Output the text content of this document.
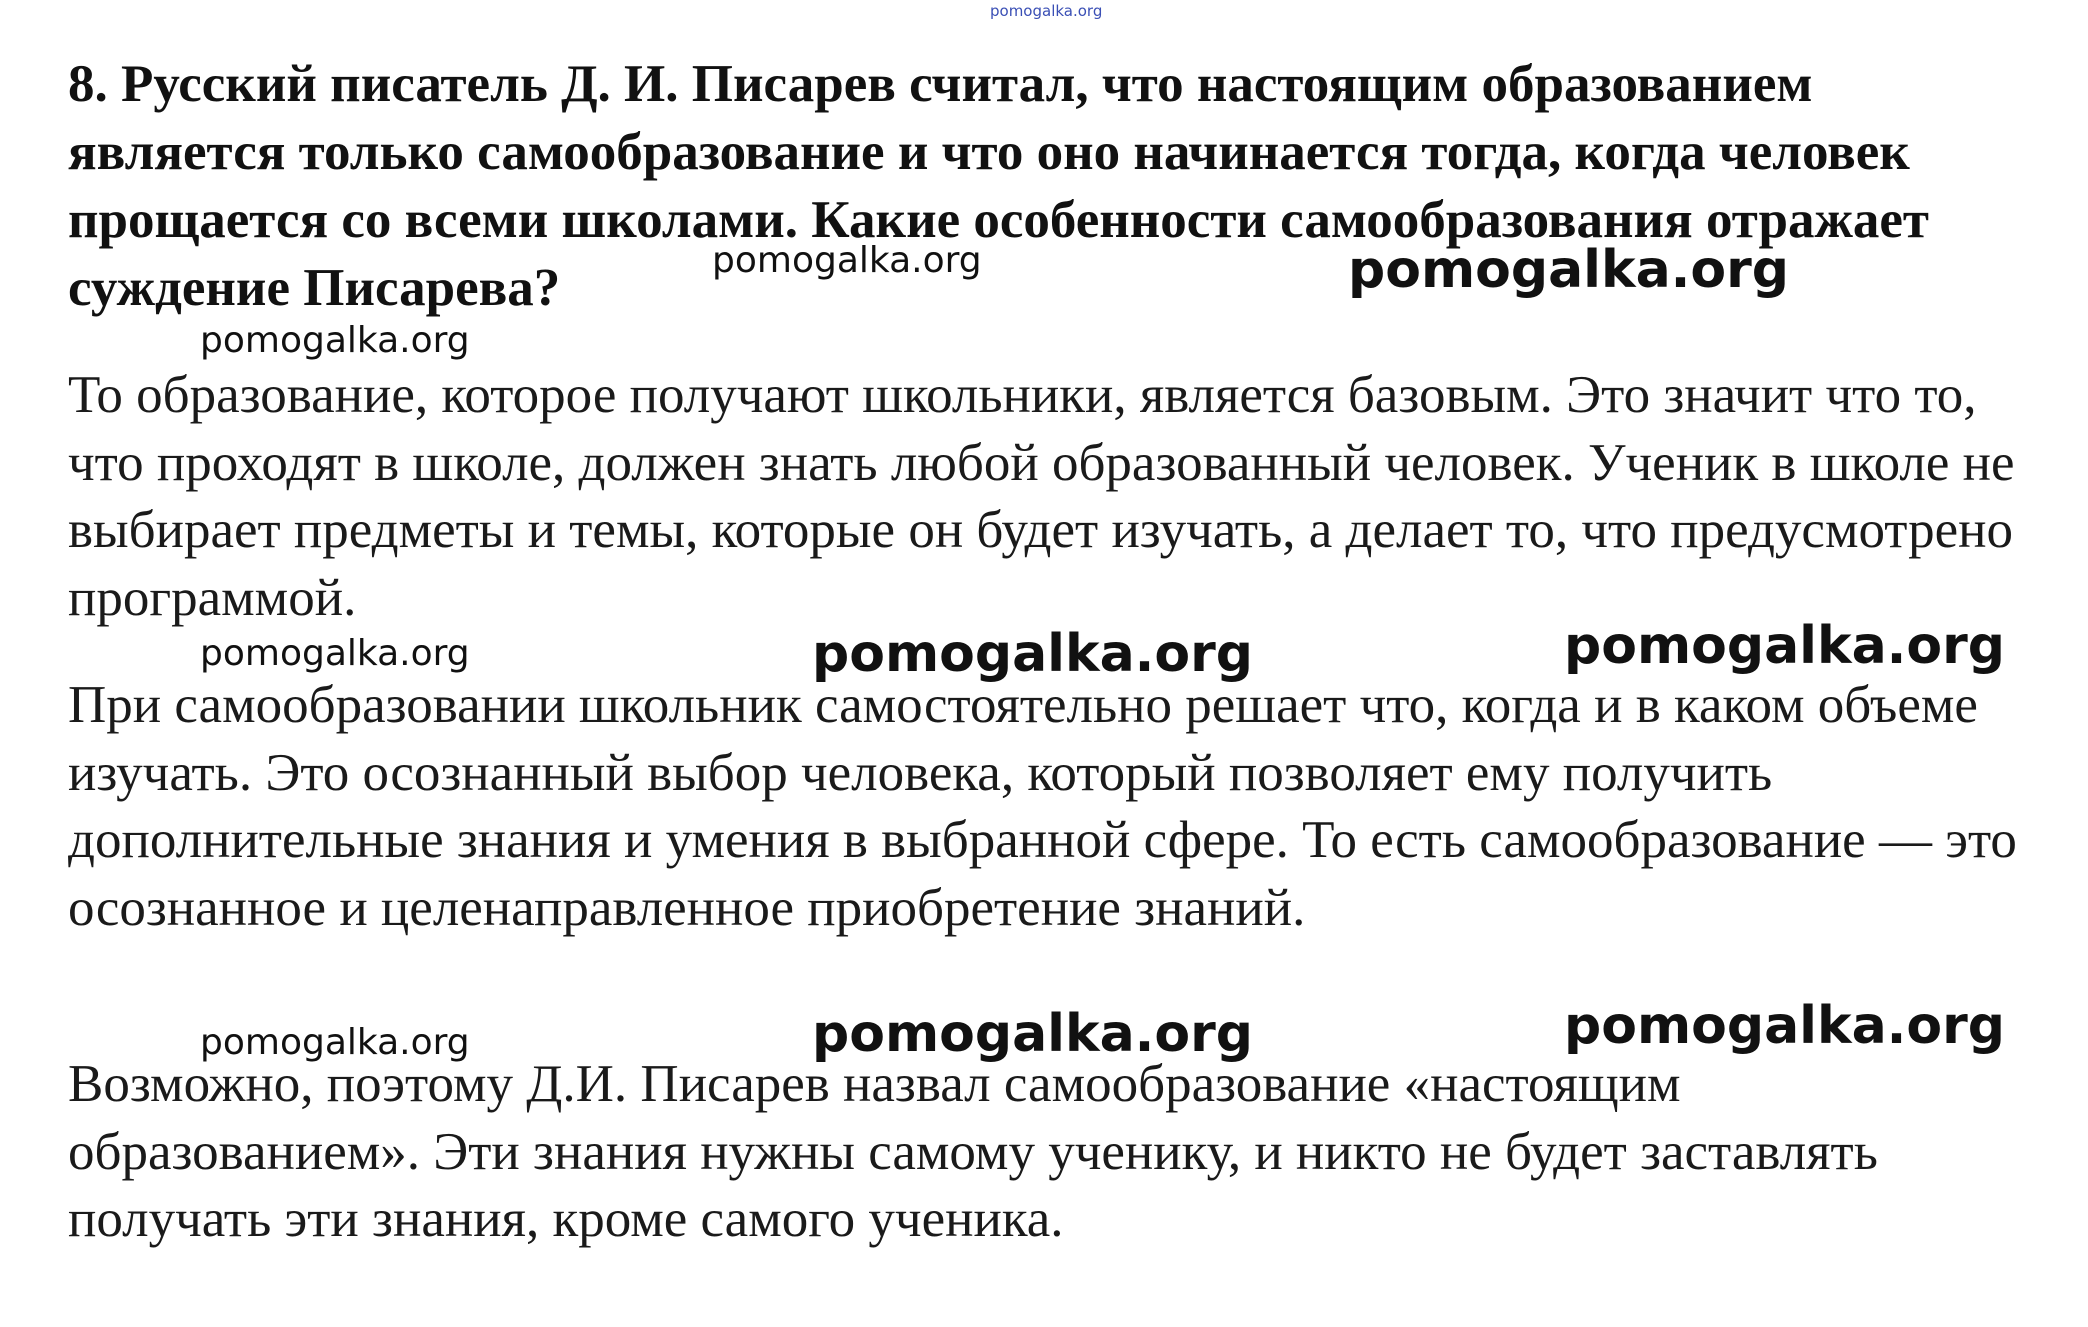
8. Русский писатель Д. И. Писарев считал, что настоящим образованием является только самообразование и что оно начинается тогда, когда человек прощается со всеми школами. Какие особенности самообразования отражает суждение Писарева?

То образование, которое получают школьники, является базовым. Это значит что то, что проходят в школе, должен знать любой образованный человек. Ученик в школе не выбирает предметы и темы, которые он будет изучать, а делает то, что предусмотрено программой.

При самообразовании школьник самостоятельно решает что, когда и в каком объеме изучать. Это осознанный выбор человека, который позволяет ему получить дополнительные знания и умения в выбранной сфере. То есть самообразование — это осознанное и целенаправленное приобретение знаний.

Возможно, поэтому Д.И. Писарев назвал самообразование «настоящим образованием». Эти знания нужны самому ученику, и никто не будет заставлять получать эти знания, кроме самого ученика.

pomogalka.org
pomogalka.org	pomogalka.org
pomogalka.org
pomogalka.org	pomogalka.org	pomogalka.org
pomogalka.org	pomogalka.org	pomogalka.org
